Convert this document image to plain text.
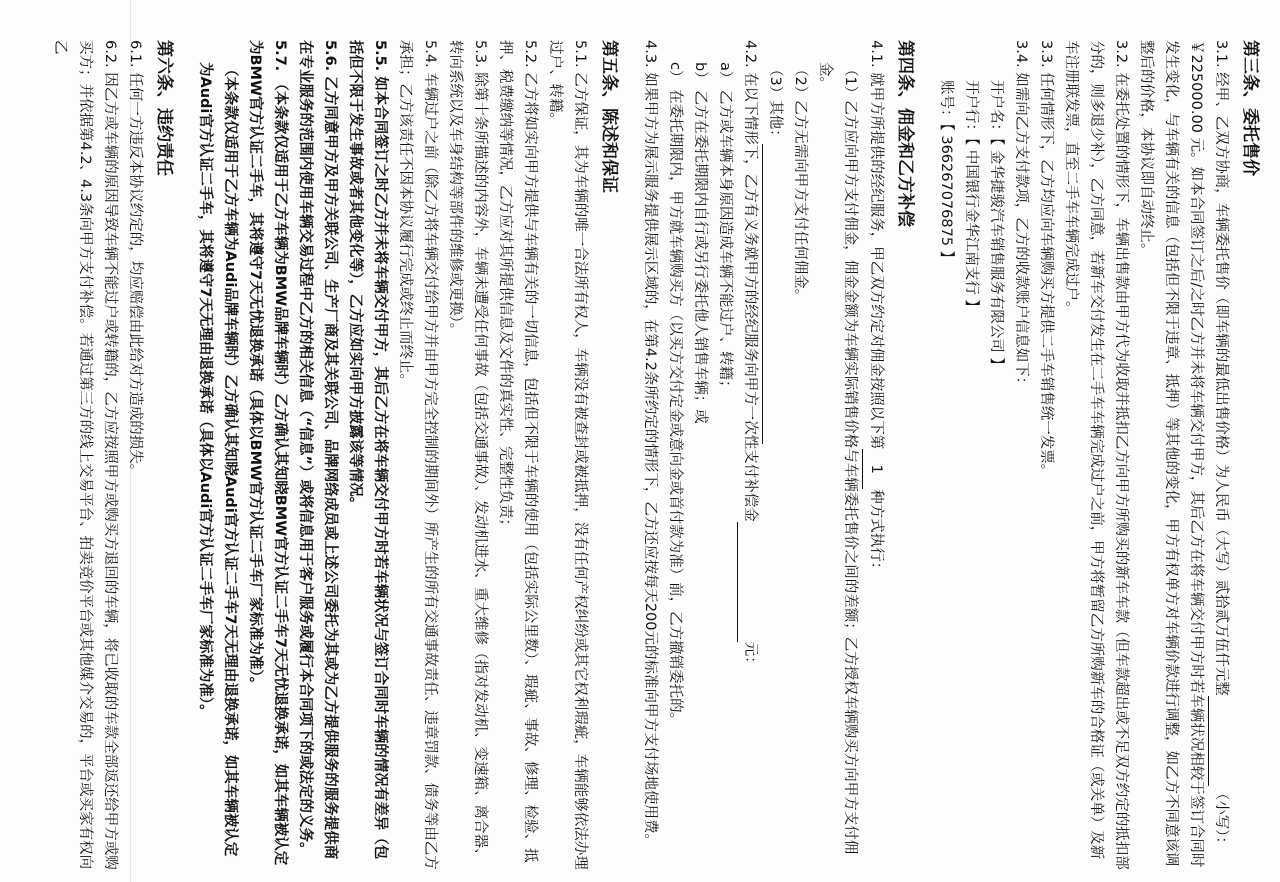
第三条、委托售价

3.1. 经甲、乙双方协商，车辆委托售价（即车辆的最低出售价格）为人民币（大写）贰拾贰万伍仟元整（小写）：￥225000.00 元。如本合同签订之后/之时乙方并未将车辆交付甲方，其后乙方在将车辆交付甲方时若车辆状况相较于签订合同时发生变化，与车辆有关的信息（包括但不限于违章、抵押）等其他的变化，甲方有权单方对车辆价款进行调整，如乙方不同意该调整后的价格，本协议即自动终止。

3.2. 在委托处置的情形下，车辆出售款由甲方代为收取并抵扣乙方向甲方所购买的新车车款（但车款超出或不足双方约定的抵扣部分的，则多退少补），乙方同意，若新车交付发生在二手车车辆完成过户之前，甲方将暂留乙方所购新车的合格证（或关单）及新车注册联发票，直至二手车车辆完成过户。

3.3. 任何情形下，乙方均应向车辆购买方提供二手车销售统一发票。

3.4. 如需向乙方支付款项，乙方的收款账户信息如下：

开户名：【 金华捷骏汽车销售服务有限公司 】

开户行：【 中国银行金华江南支行 】

账号：【 366267076875 】

第四条、佣金和乙方补偿

4.1. 就甲方所提供的经纪服务，甲乙双方约定对佣金按照以下第1种方式执行：

（1）乙方应向甲方支付佣金，佣金金额为车辆实际销售价格与车辆委托售价之间的差额；乙方授权车辆购买方向甲方支付佣金。

（2）乙方无需向甲方支付任何佣金。

（3）其他：

4.2. 在以下情形下，乙方有义务就甲方的经纪服务向甲方一次性支付补偿金元：

a） 乙方或车辆本身原因造成车辆不能过户、转籍；

b） 乙方在委托期限内自行或另行委托他人销售车辆；或

c） 在委托期限内，甲方就车辆购买方（以买方交付定金或意向金或首付款为准）前，乙方撤销委托的。

4.3. 如果甲方为展示服务提供展示区域的，在第4.2条所约定的情形下，乙方还应按每天200元的标准向甲方支付场地使用费。

第五条、陈述和保证

5.1. 乙方保证，其为车辆的唯一合法所有权人，车辆没有被查封或被抵押，没有任何产权纠纷或其它权利瑕疵，车辆能够依法办理过户、转籍。

5.2. 乙方将如实向甲方提供与车辆有关的一切信息，包括但不限于车辆的使用（包括实际公里数）、瑕疵、事故、修理、检验、抵押、税费缴纳等情况，乙方应对其所提供信息及文件的真实性、完整性负责；

5.3. 除第十条所描述的内容外，车辆未遭受任何事故（包括交通事故）、发动机进水、重大维修（指对发动机、变速箱、离合器、转向系统以及车身结构等部件的维修或更换）。

5.4. 车辆过户之前（除乙方将车辆交付给甲方并由甲方完全控制的期间外）所产生的所有交通事故责任、违章罚款、债务等由乙方承担；乙方该责任不因本协议履行完成或终止而终止。

5.5. 如本合同签订之时乙方并未将车辆交付甲方，其后乙方在将车辆交付甲方时若车辆状况与签订合同时车辆的情况有差异（包括但不限于发生事故或者其他变化等），乙方应如实向甲方披露该等情况。

5.6. 乙方同意甲方及甲方关联公司、生产厂商及其关联公司、品牌网络成员或上述公司委托为其或为乙方提供服务的服务提供商在专业服务的范围内使用车辆交易过程中乙方的相关信息（“信息”）或将信息用于客户服务或履行本合同项下的或法定的义务。

5.7. （本条款仅适用于乙方车辆为BMW品牌车辆时）乙方确认其知晓BMW官方认证二手车7天无忧退换承诺，如其车辆被认定为BMW官方认证二手车，其将遵守7天无忧退换承诺（具体以BMW官方认证二手车厂家标准为准）。

（本条款仅适用于乙方车辆为Audi品牌车辆时）乙方确认其知晓Audi官方认证二手车7天无理由退换承诺，如其车辆被认定为Audi官方认证二手车，其将遵守7天无理由退换承诺（具体以Audi官方认证二手车厂家标准为准）。

第六条、违约责任

6.1. 任何一方违反本协议约定的，均应赔偿由此给对方造成的损失。

6.2. 因乙方或车辆的原因导致车辆不能过户或转籍的，乙方应按照甲方或购买方退回的车辆，将已收取的车款全部返还给甲方或购买方；并依据第4.2、4.3条向甲方支付补偿。若通过第三方的线上交易平台、拍卖竞价平台或其他媒介交易的，平台或买家有权向乙
